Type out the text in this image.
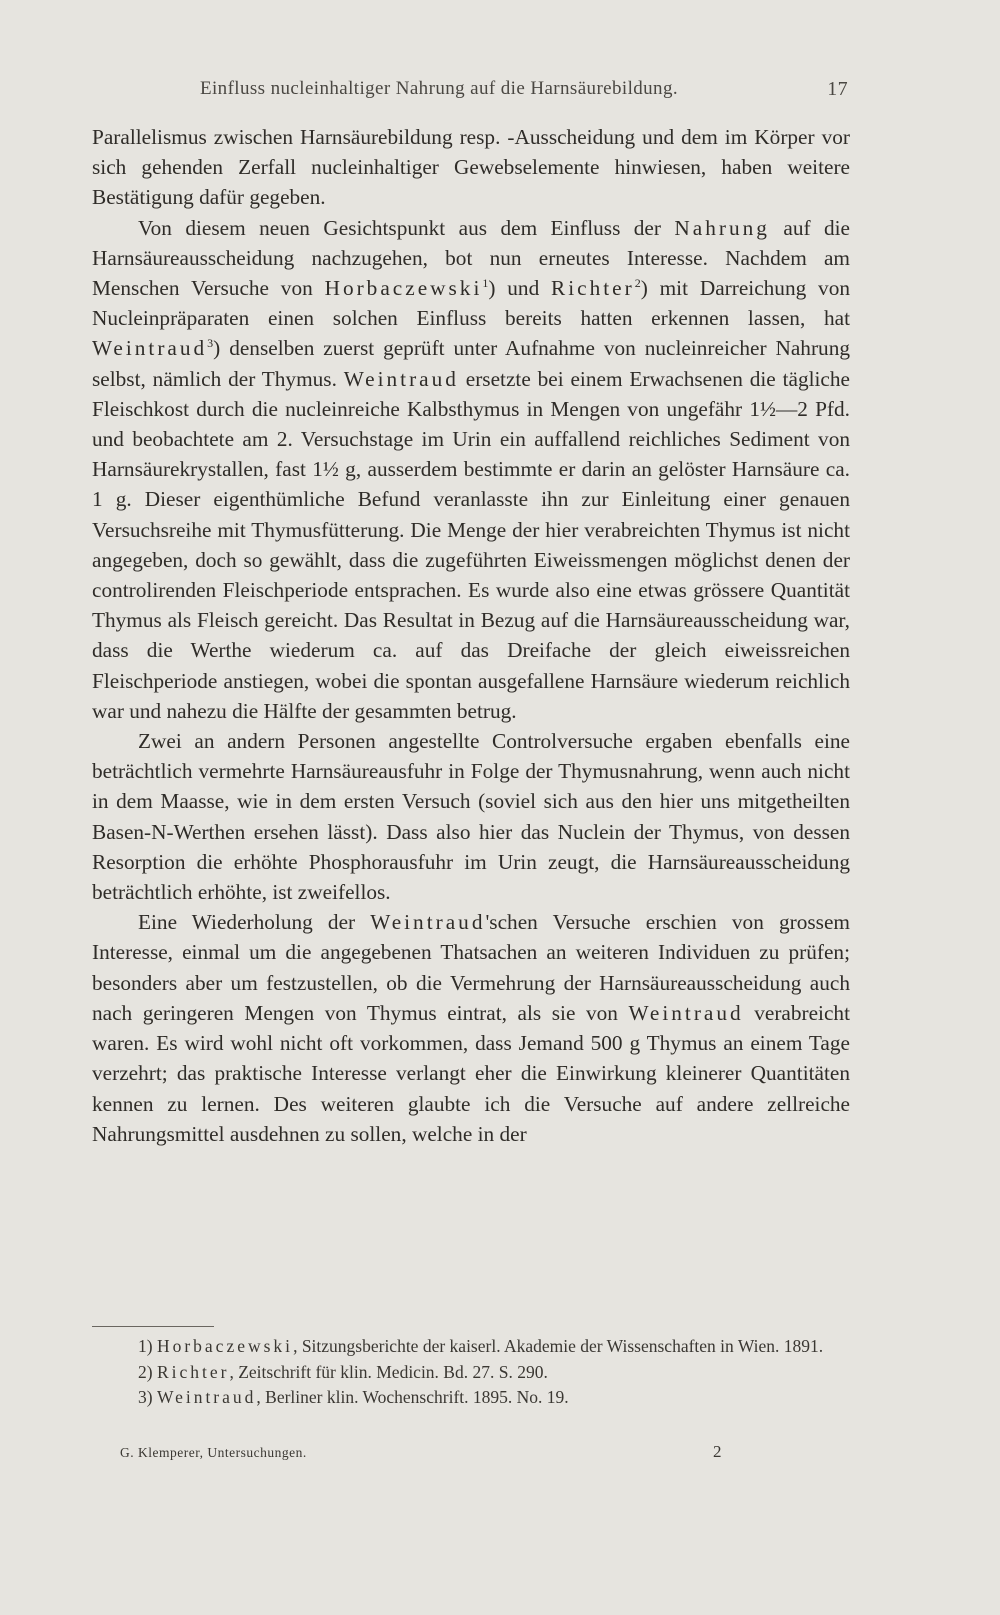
Einfluss nucleinhaltiger Nahrung auf die Harnsäurebildung.	17

Parallelismus zwischen Harnsäurebildung resp. -Ausscheidung und dem im Körper vor sich gehenden Zerfall nucleinhaltiger Gewebselemente hinwiesen, haben weitere Bestätigung dafür gegeben.

Von diesem neuen Gesichtspunkt aus dem Einfluss der Nahrung auf die Harnsäureausscheidung nachzugehen, bot nun erneutes Interesse. Nachdem am Menschen Versuche von Horbaczewski$^1$) und Richter$^2$) mit Darreichung von Nucleinpräparaten einen solchen Einfluss bereits hatten erkennen lassen, hat Weintraud$^3$) denselben zuerst geprüft unter Aufnahme von nucleinreicher Nahrung selbst, nämlich der Thymus. Weintraud ersetzte bei einem Erwachsenen die tägliche Fleischkost durch die nucleinreiche Kalbsthymus in Mengen von ungefähr 1½—2 Pfd. und beobachtete am 2. Versuchstage im Urin ein auffallend reichliches Sediment von Harnsäurekrystallen, fast 1½ g, ausserdem bestimmte er darin an gelöster Harnsäure ca. 1 g. Dieser eigenthümliche Befund veranlasste ihn zur Einleitung einer genauen Versuchsreihe mit Thymusfütterung. Die Menge der hier verabreichten Thymus ist nicht angegeben, doch so gewählt, dass die zugeführten Eiweissmengen möglichst denen der controlirenden Fleischperiode entsprachen. Es wurde also eine etwas grössere Quantität Thymus als Fleisch gereicht. Das Resultat in Bezug auf die Harnsäureausscheidung war, dass die Werthe wiederum ca. auf das Dreifache der gleich eiweissreichen Fleischperiode anstiegen, wobei die spontan ausgefallene Harnsäure wiederum reichlich war und nahezu die Hälfte der gesammten betrug.

Zwei an andern Personen angestellte Controlversuche ergaben ebenfalls eine beträchtlich vermehrte Harnsäureausfuhr in Folge der Thymusnahrung, wenn auch nicht in dem Maasse, wie in dem ersten Versuch (soviel sich aus den hier uns mitgetheilten Basen-N-Werthen ersehen lässt). Dass also hier das Nuclein der Thymus, von dessen Resorption die erhöhte Phosphorausfuhr im Urin zeugt, die Harnsäureausscheidung beträchtlich erhöhte, ist zweifellos.

Eine Wiederholung der Weintraud'schen Versuche erschien von grossem Interesse, einmal um die angegebenen Thatsachen an weiteren Individuen zu prüfen; besonders aber um festzustellen, ob die Vermehrung der Harnsäureausscheidung auch nach geringeren Mengen von Thymus eintrat, als sie von Weintraud verabreicht waren. Es wird wohl nicht oft vorkommen, dass Jemand 500 g Thymus an einem Tage verzehrt; das praktische Interesse verlangt eher die Einwirkung kleinerer Quantitäten kennen zu lernen. Des weiteren glaubte ich die Versuche auf andere zellreiche Nahrungsmittel ausdehnen zu sollen, welche in der

1) Horbaczewski, Sitzungsberichte der kaiserl. Akademie der Wissenschaften in Wien. 1891.

2) Richter, Zeitschrift für klin. Medicin. Bd. 27. S. 290.

3) Weintraud, Berliner klin. Wochenschrift. 1895. No. 19.

G. Klemperer, Untersuchungen.	2
